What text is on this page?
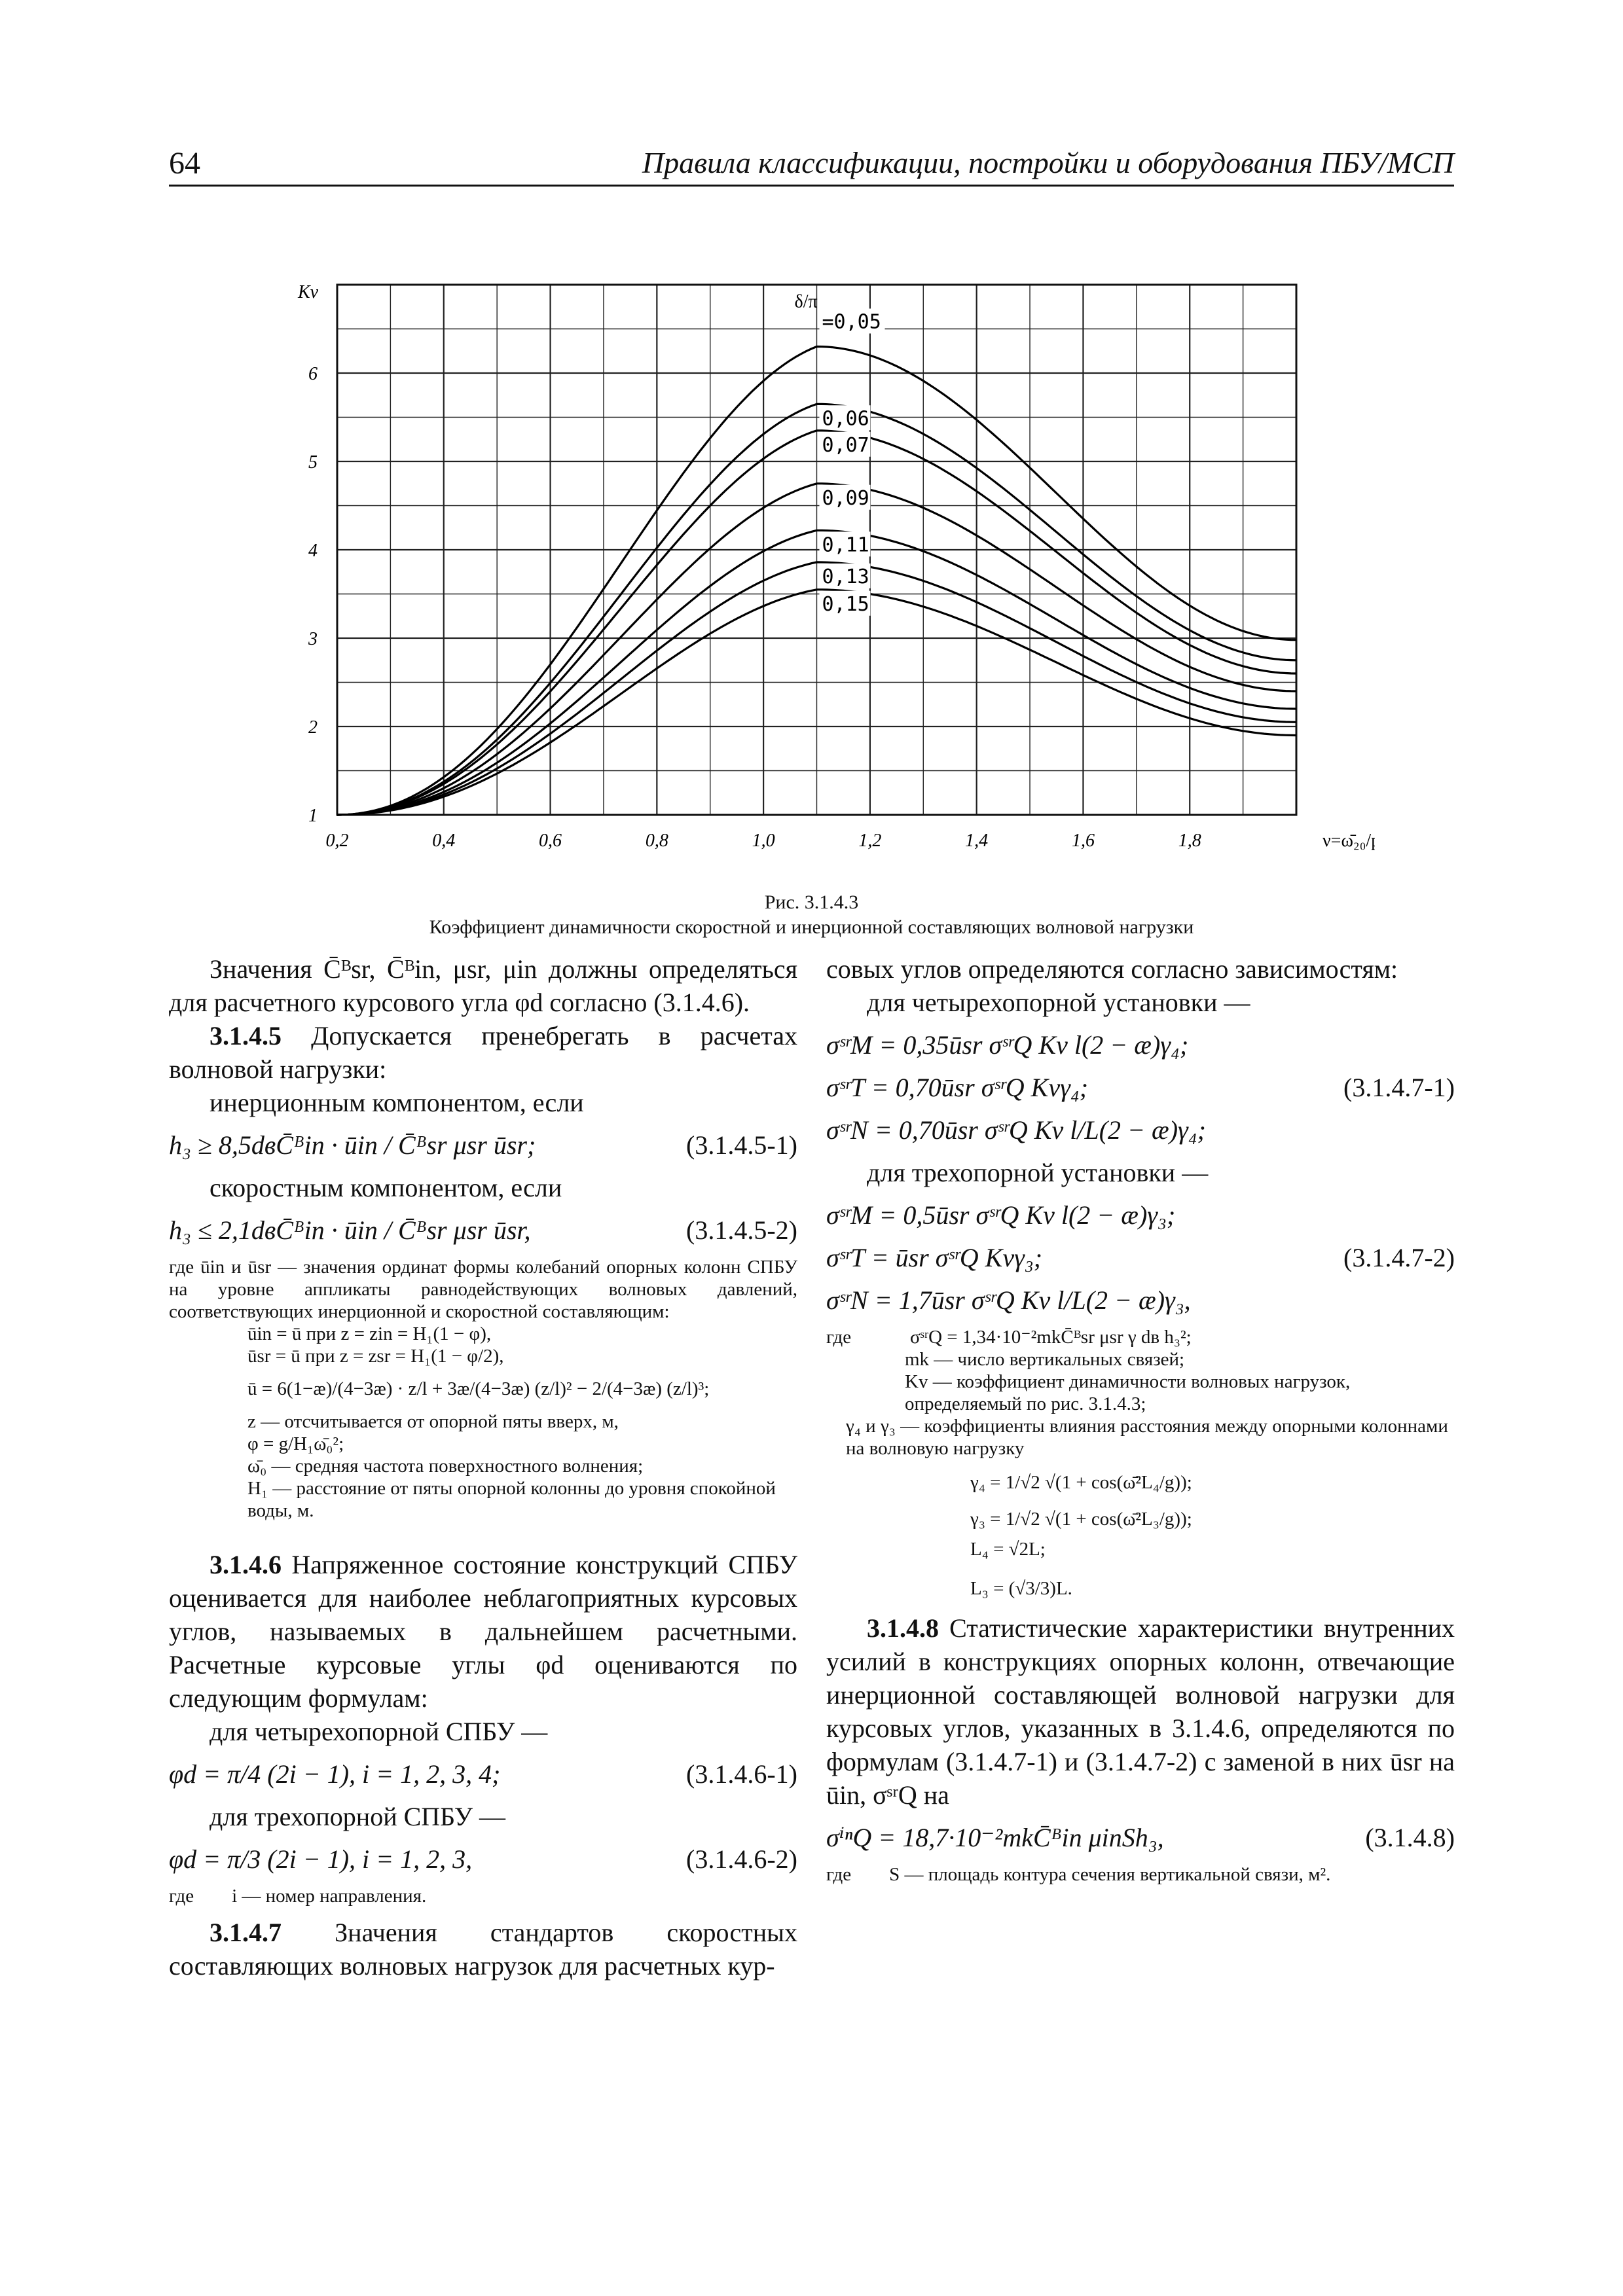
64	Правила классификации, постройки и оборудования ПБУ/МСП
0,2	0,4	0,6	0,8	1,0	1,2	1,4	1,6	1,8
1
2
3
4
5
6
Kv
ν=ω̄₂₀/p
=0,05
0,06
0,07
0,09
0,11
0,13
0,15
δ/π
Рис. 3.1.4.3
Коэффициент динамичности скоростной и инерционной составляющих волновой нагрузки

Значения C̄ᴮsr, C̄ᴮin, μsr, μin должны определяться для расчетного курсового угла φd согласно (3.1.4.6).

3.1.4.5 Допускается пренебрегать в расчетах волновой нагрузки:

инерционным компонентом, если

h₃ ≥ 8,5dвC̄ᴮin · ūin / C̄ᴮsr μsr ūsr;	(3.1.4.5-1)

скоростным компонентом, если

h₃ ≤ 2,1dвC̄ᴮin · ūin / C̄ᴮsr μsr ūsr,	(3.1.4.5-2)

где ūin и ūsr — значения ординат формы колебаний опорных колонн СПБУ на уровне аппликаты равнодействующих волновых давлений, соответствующих инерционной и скоростной составляющим:

ūin = ū при z = zin = H₁(1 − φ),

ūsr = ū при z = zsr = H₁(1 − φ/2),

ū = 6(1−æ)/(4−3æ) · z/l + 3æ/(4−3æ) (z/l)² − 2/(4−3æ) (z/l)³;

z — отсчитывается от опорной пяты вверх, м,

φ = g/H₁ω̄₀²;

ω̄₀ — средняя частота поверхностного волнения;

H₁ — расстояние от пяты опорной колонны до уровня спокойной воды, м.

3.1.4.6 Напряженное состояние конструкций СПБУ оценивается для наиболее неблагоприятных курсовых углов, называемых в дальнейшем расчетными. Расчетные курсовые углы φd оцениваются по следующим формулам:

для четырехопорной СПБУ —

φd = π/4 (2i − 1), i = 1, 2, 3, 4;	(3.1.4.6-1)

для трехопорной СПБУ —

φd = π/3 (2i − 1), i = 1, 2, 3,	(3.1.4.6-2)

где        i — номер направления.

3.1.4.7 Значения стандартов скоростных составляющих волновых нагрузок для расчетных кур-

совых углов определяются согласно зависимостям:

для четырехопорной установки —

σˢʳM = 0,35ūsr σˢʳQ Kv l(2 − æ)γ₄;
σˢʳT = 0,70ūsr σˢʳQ Kvγ₄;	(3.1.4.7-1)
σˢʳN = 0,70ūsr σˢʳQ Kv l/L(2 − æ)γ₄;

для трехопорной установки —

σˢʳM = 0,5ūsr σˢʳQ Kv l(2 − æ)γ₃;
σˢʳT = ūsr σˢʳQ Kvγ₃;	(3.1.4.7-2)
σˢʳN = 1,7ūsr σˢʳQ Kv l/L(2 − æ)γ₃,
где	σˢʳQ = 1,34·10⁻²mkC̄ᴮsr μsr γ dв h₃²;

mk — число вертикальных связей;

Kv — коэффициент динамичности волновых нагрузок, определяемый по рис. 3.1.4.3;

γ₄ и γ₃ — коэффициенты влияния расстояния между опорными колоннами на волновую нагрузку

γ₄ = 1/√2 √(1 + cos(ω̄²L₄/g));

γ₃ = 1/√2 √(1 + cos(ω̄²L₃/g));

L₄ = √2L;

L₃ = (√3/3)L.

3.1.4.8 Статистические характеристики внутренних усилий в конструкциях опорных колонн, отвечающие инерционной составляющей волновой нагрузки для курсовых углов, указанных в 3.1.4.6, определяются по формулам (3.1.4.7-1) и (3.1.4.7-2) с заменой в них ūsr на ūin, σˢʳQ на

σⁱⁿQ = 18,7·10⁻²mkC̄ᴮin μinSh₃,	(3.1.4.8)

где        S — площадь контура сечения вертикальной связи, м².
